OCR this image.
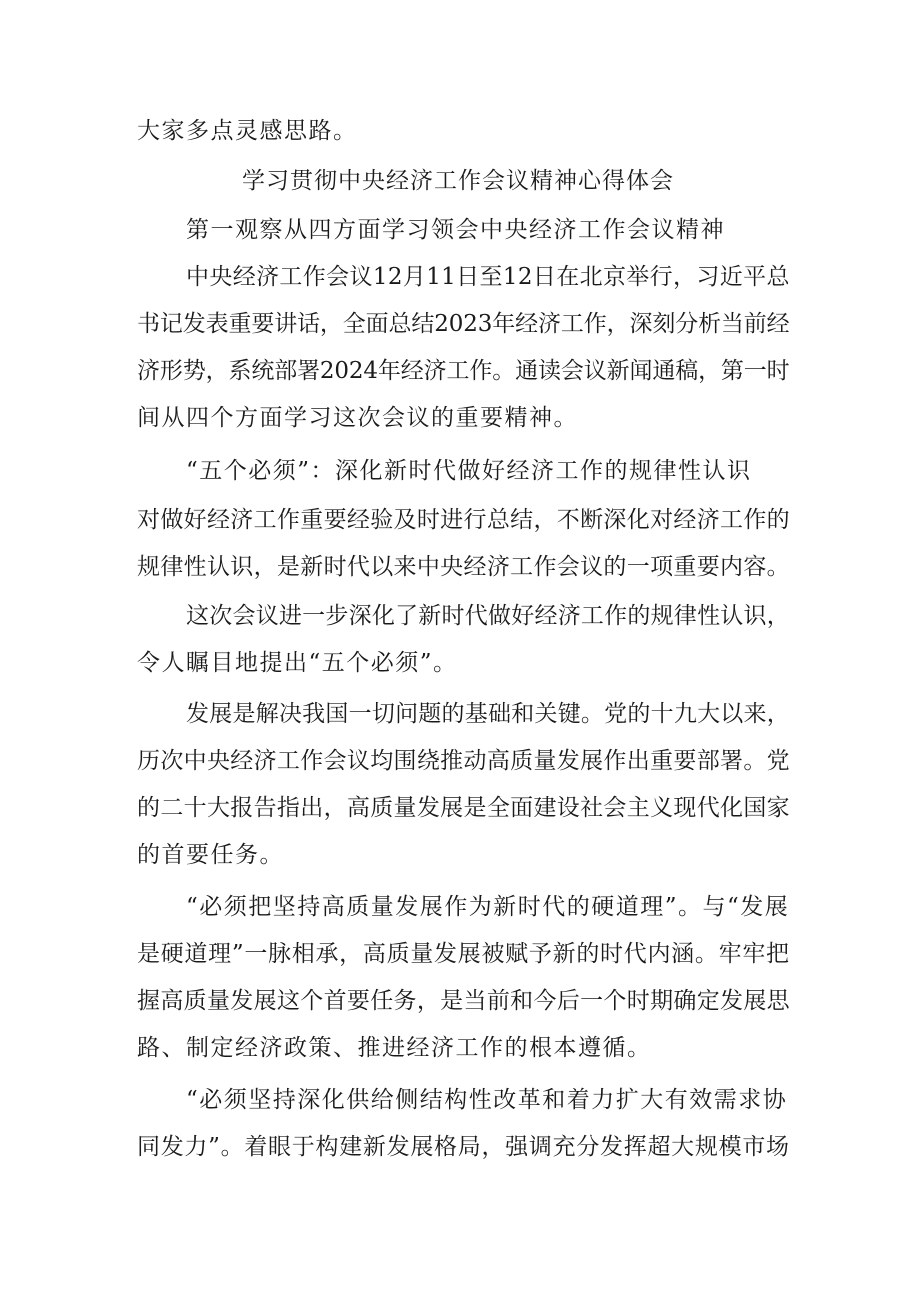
大家多点灵感思路。
学习贯彻中央经济工作会议精神心得体会
第一观察从四方面学习领会中央经济工作会议精神
中央经济工作会议12月11日至12日在北京举行，习近平总
书记发表重要讲话，全面总结2023年经济工作，深刻分析当前经
济形势，系统部署2024年经济工作。通读会议新闻通稿，第一时
间从四个方面学习这次会议的重要精神。
“五个必须”：深化新时代做好经济工作的规律性认识
对做好经济工作重要经验及时进行总结，不断深化对经济工作的
规律性认识，是新时代以来中央经济工作会议的一项重要内容。
这次会议进一步深化了新时代做好经济工作的规律性认识，
令人瞩目地提出“五个必须”。
发展是解决我国一切问题的基础和关键。党的十九大以来，
历次中央经济工作会议均围绕推动高质量发展作出重要部署。党
的二十大报告指出，高质量发展是全面建设社会主义现代化国家
的首要任务。
“必须把坚持高质量发展作为新时代的硬道理”。与“发展
是硬道理”一脉相承，高质量发展被赋予新的时代内涵。牢牢把
握高质量发展这个首要任务，是当前和今后一个时期确定发展思
路、制定经济政策、推进经济工作的根本遵循。
“必须坚持深化供给侧结构性改革和着力扩大有效需求协
同发力”。着眼于构建新发展格局，强调充分发挥超大规模市场
